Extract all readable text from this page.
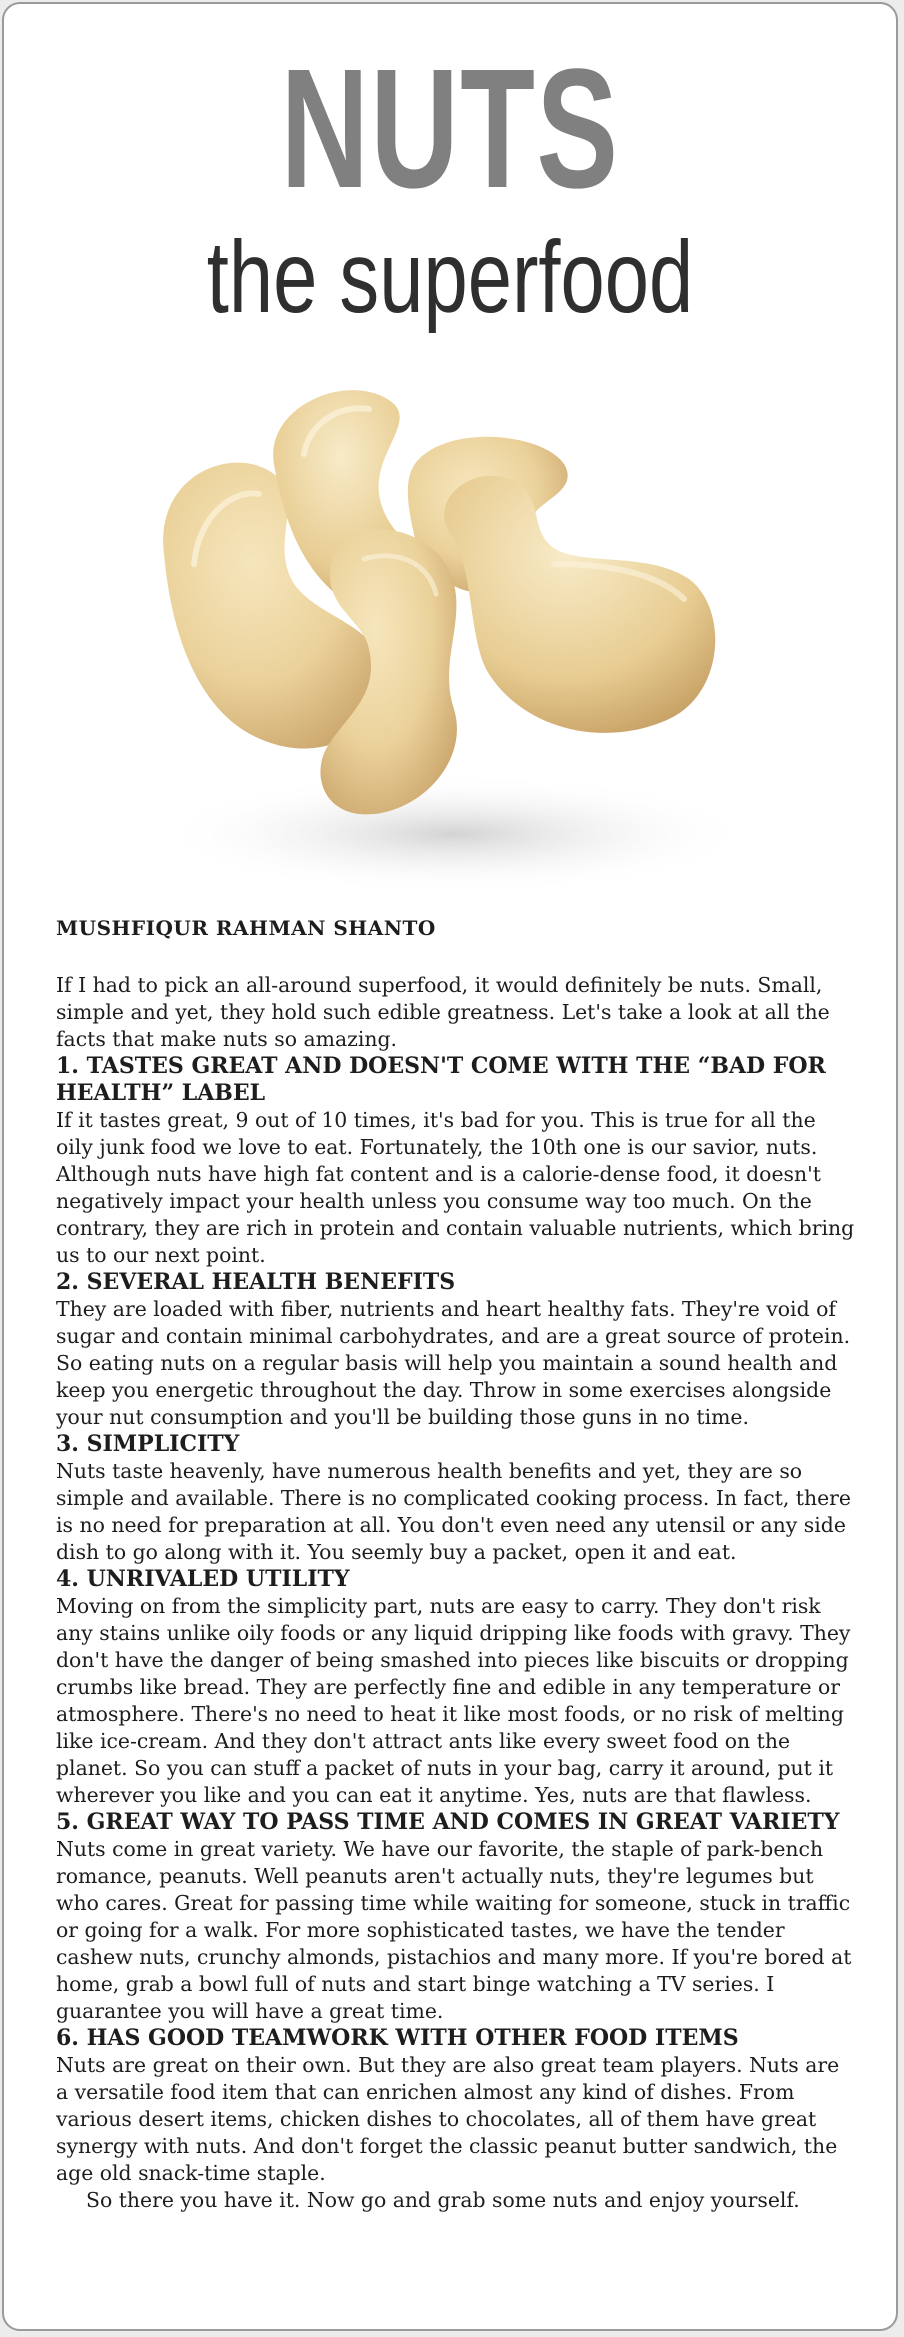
NUTS
the superfood
MUSHFIQUR RAHMAN SHANTO

If I had to pick an all-around superfood, it would definitely be nuts. Small, simple and yet, they hold such edible greatness. Let's take a look at all the facts that make nuts so amazing.

1. TASTES GREAT AND DOESN'T COME WITH THE “BAD FOR HEALTH” LABEL

If it tastes great, 9 out of 10 times, it's bad for you. This is true for all the oily junk food we love to eat. Fortunately, the 10th one is our savior, nuts. Although nuts have high fat content and is a calorie-dense food, it doesn't negatively impact your health unless you consume way too much. On the contrary, they are rich in protein and contain valuable nutrients, which bring us to our next point.

2. SEVERAL HEALTH BENEFITS

They are loaded with fiber, nutrients and heart healthy fats. They're void of sugar and contain minimal carbohydrates, and are a great source of protein. So eating nuts on a regular basis will help you maintain a sound health and keep you energetic throughout the day. Throw in some exercises alongside your nut consumption and you'll be building those guns in no time.

3. SIMPLICITY

Nuts taste heavenly, have numerous health benefits and yet, they are so simple and available. There is no complicated cooking process. In fact, there is no need for preparation at all. You don't even need any utensil or any side dish to go along with it. You seemly buy a packet, open it and eat.

4. UNRIVALED UTILITY

Moving on from the simplicity part, nuts are easy to carry. They don't risk any stains unlike oily foods or any liquid dripping like foods with gravy. They don't have the danger of being smashed into pieces like biscuits or dropping crumbs like bread. They are perfectly fine and edible in any temperature or atmosphere. There's no need to heat it like most foods, or no risk of melting like ice-cream. And they don't attract ants like every sweet food on the planet. So you can stuff a packet of nuts in your bag, carry it around, put it wherever you like and you can eat it anytime. Yes, nuts are that flawless.

5. GREAT WAY TO PASS TIME AND COMES IN GREAT VARIETY

Nuts come in great variety. We have our favorite, the staple of park-bench romance, peanuts. Well peanuts aren't actually nuts, they're legumes but who cares. Great for passing time while waiting for someone, stuck in traffic or going for a walk. For more sophisticated tastes, we have the tender cashew nuts, crunchy almonds, pistachios and many more. If you're bored at home, grab a bowl full of nuts and start binge watching a TV series. I guarantee you will have a great time.

6. HAS GOOD TEAMWORK WITH OTHER FOOD ITEMS

Nuts are great on their own. But they are also great team players. Nuts are a versatile food item that can enrichen almost any kind of dishes. From various desert items, chicken dishes to chocolates, all of them have great synergy with nuts. And don't forget the classic peanut butter sandwich, the age old snack-time staple.

So there you have it. Now go and grab some nuts and enjoy yourself.
